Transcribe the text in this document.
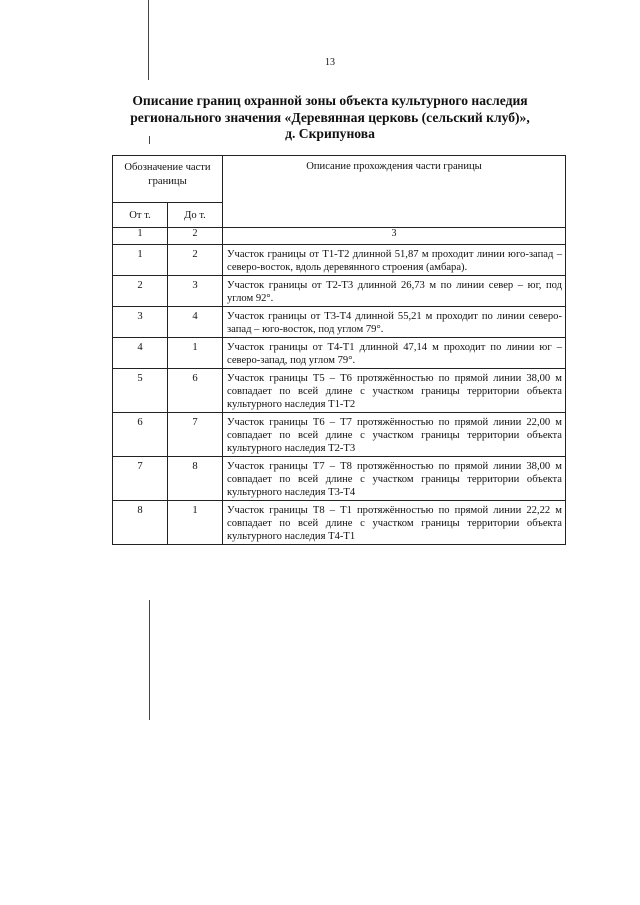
13
Описание границ охранной зоны объекта культурного наследия
регионального значения «Деревянная церковь (сельский клуб)»,
д. Скрипунова
Обозначение части границы		Описание прохождения части границы
От т.	До т.	
1	2	3
1	2	Участок границы от Т1-Т2 длинной 51,87 м проходит линии юго-запад – северо-восток, вдоль деревянного строения (амбара).
2	3	Участок границы от Т2-Т3 длинной 26,73 м по линии север – юг, под углом 92°.
3	4	Участок границы от Т3-Т4 длинной 55,21 м проходит по линии северо-запад – юго-восток, под углом 79°.
4	1	Участок границы от Т4-Т1 длинной 47,14 м проходит по линии юг – северо-запад, под углом 79°.
5	6	Участок границы Т5 – Т6 протяжённостью по прямой линии 38,00 м совпадает по всей длине с участком границы территории объекта культурного наследия Т1-Т2
6	7	Участок границы Т6 – Т7 протяжённостью по прямой линии 22,00 м совпадает по всей длине с участком границы территории объекта культурного наследия Т2-Т3
7	8	Участок границы Т7 – Т8 протяжённостью по прямой линии 38,00 м совпадает по всей длине с участком границы территории объекта культурного наследия Т3-Т4
8	1	Участок границы Т8 – Т1 протяжённостью по прямой линии 22,22 м совпадает по всей длине с участком границы территории объекта культурного наследия Т4-Т1
